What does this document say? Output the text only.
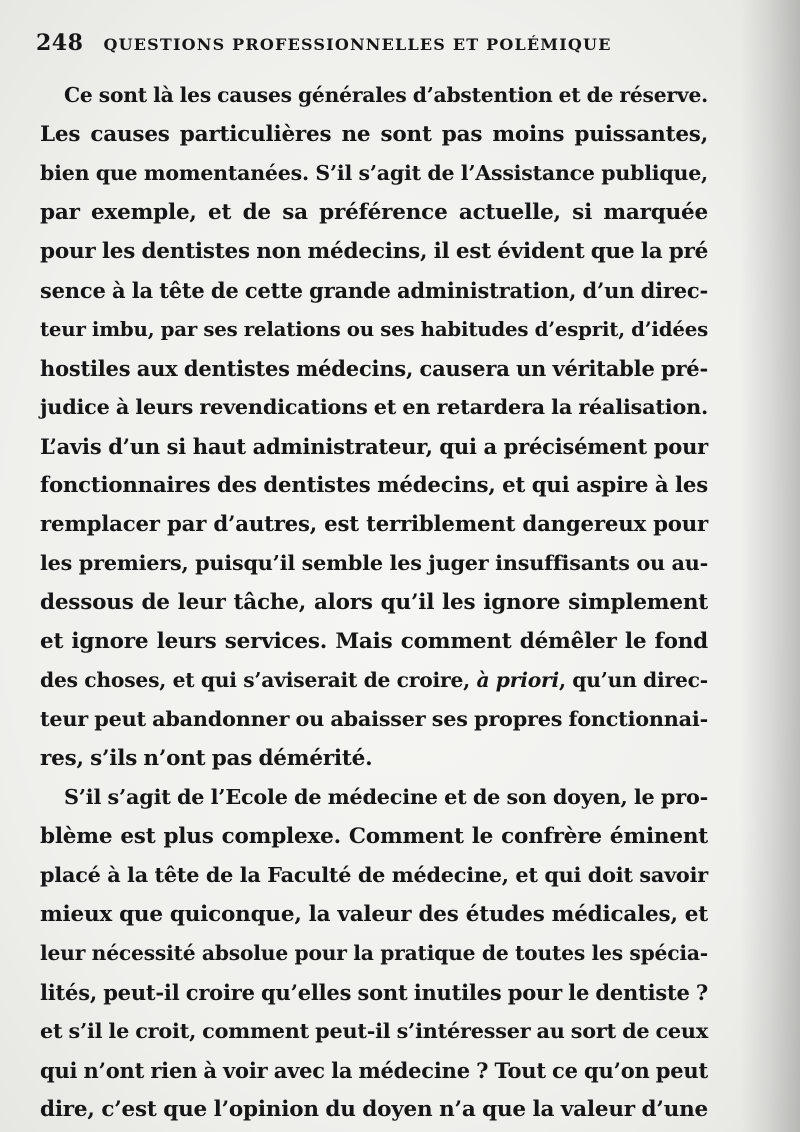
248 QUESTIONS PROFESSIONNELLES ET POLÉMIQUE
Ce sont là les causes générales d’abstention et de réserve.
Les causes particulières ne sont pas moins puissantes,
bien que momentanées. S’il s’agit de l’Assistance publique,
par exemple, et de sa préférence actuelle, si marquée
pour les dentistes non médecins, il est évident que la pré
sence à la tête de cette grande administration, d’un direc-
teur imbu, par ses relations ou ses habitudes d’esprit, d’idées
hostiles aux dentistes médecins, causera un véritable pré-
judice à leurs revendications et en retardera la réalisation.
L’avis d’un si haut administrateur, qui a précisément pour
fonctionnaires des dentistes médecins, et qui aspire à les
remplacer par d’autres, est terriblement dangereux pour
les premiers, puisqu’il semble les juger insuffisants ou au-
dessous de leur tâche, alors qu’il les ignore simplement
et ignore leurs services. Mais comment démêler le fond
des choses, et qui s’aviserait de croire, à priori, qu’un direc-
teur peut abandonner ou abaisser ses propres fonctionnai-
res, s’ils n’ont pas démérité.
S’il s’agit de l’Ecole de médecine et de son doyen, le pro-
blème est plus complexe. Comment le confrère éminent
placé à la tête de la Faculté de médecine, et qui doit savoir
mieux que quiconque, la valeur des études médicales, et
leur nécessité absolue pour la pratique de toutes les spécia-
lités, peut-il croire qu’elles sont inutiles pour le dentiste ?
et s’il le croit, comment peut-il s’intéresser au sort de ceux
qui n’ont rien à voir avec la médecine ? Tout ce qu’on peut
dire, c’est que l’opinion du doyen n’a que la valeur d’une
